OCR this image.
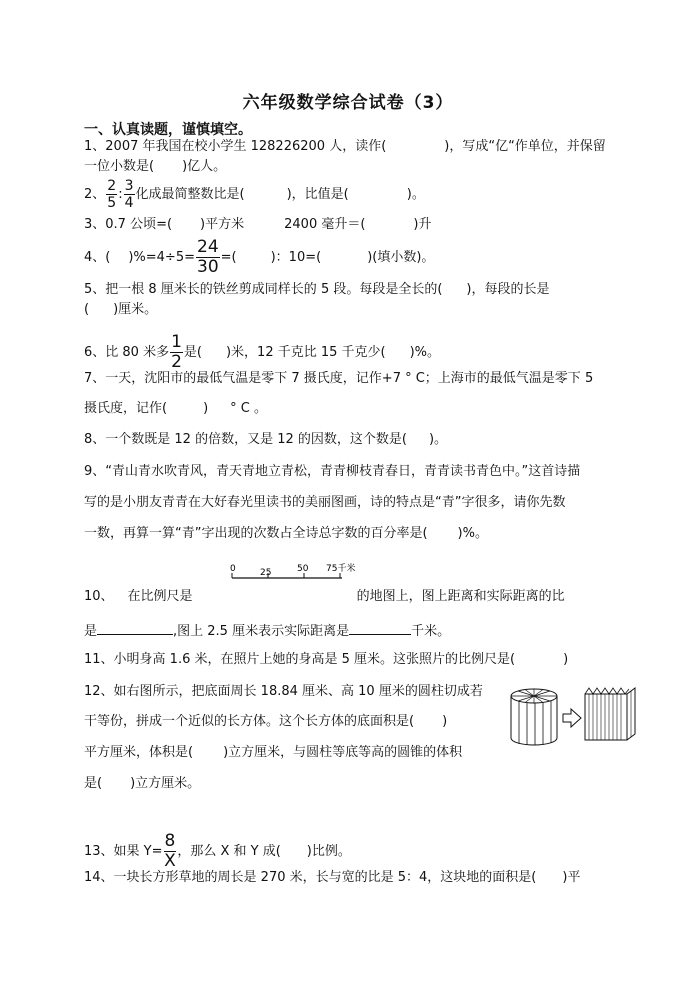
六年级数学综合试卷（3）
一、认真读题，谨慎填空。
1、2007 年我国在校小学生 128226200 人，读作(	)，写成“亿“作单位，并保留
一位小数是( )亿人。
2、 $\frac{2}{5}$ : $\frac{3}{4}$ 化成最简整数比是(	)，比值是(	)。
3、0.7 公顷=( )平方米	2400 毫升＝(	)升
4、( )$\%=4\div 5= \frac{24}{30}$ =(	)：10=(	)(填小数)。
5、把一根 8 厘米长的铁丝剪成同样长的 5 段。每段是全长的( )，每段的长是
( )厘米。
6、比 80 米多 $\frac{1}{2}$ 是( )米，12 千克比 15 千克少( )%。
7、一天，沈阳市的最低气温是零下 7 摄氏度，记作+7 ° C；上海市的最低气温是零下 5
摄氏度，记作(	) ° C 。
8、一个数既是 12 的倍数，又是 12 的因数，这个数是( )。
9、“青山青水吹青风，青天青地立青松，青青柳枝青春日，青青读书青色中。”这首诗描
写的是小朋友青青在大好春光里读书的美丽图画，诗的特点是“青”字很多，请你先数
一数，再算一算“青”字出现的次数占全诗总字数的百分率是( )%。
10、 在比例尺是	的地图上，图上距离和实际距离的比
0	25	50 75千米
是	,图上 2.5 厘米表示实际距离是	千米。
11、小明身高 1.6 米，在照片上她的身高是 5 厘米。这张照片的比例尺是(	)
12、如右图所示，把底面周长 18.84 厘米、高 10 厘米的圆柱切成若
干等份，拼成一个近似的长方体。这个长方体的底面积是( )
平方厘米，体积是( )立方厘米，与圆柱等底等高的圆锥的体积
是( )立方厘米。
13、如果 $Y= \frac{8}{X}$ ，那么 X 和 Y 成( )比例。
14、一块长方形草地的周长是 270 米，长与宽的比是 5：4，这块地的面积是( )平
